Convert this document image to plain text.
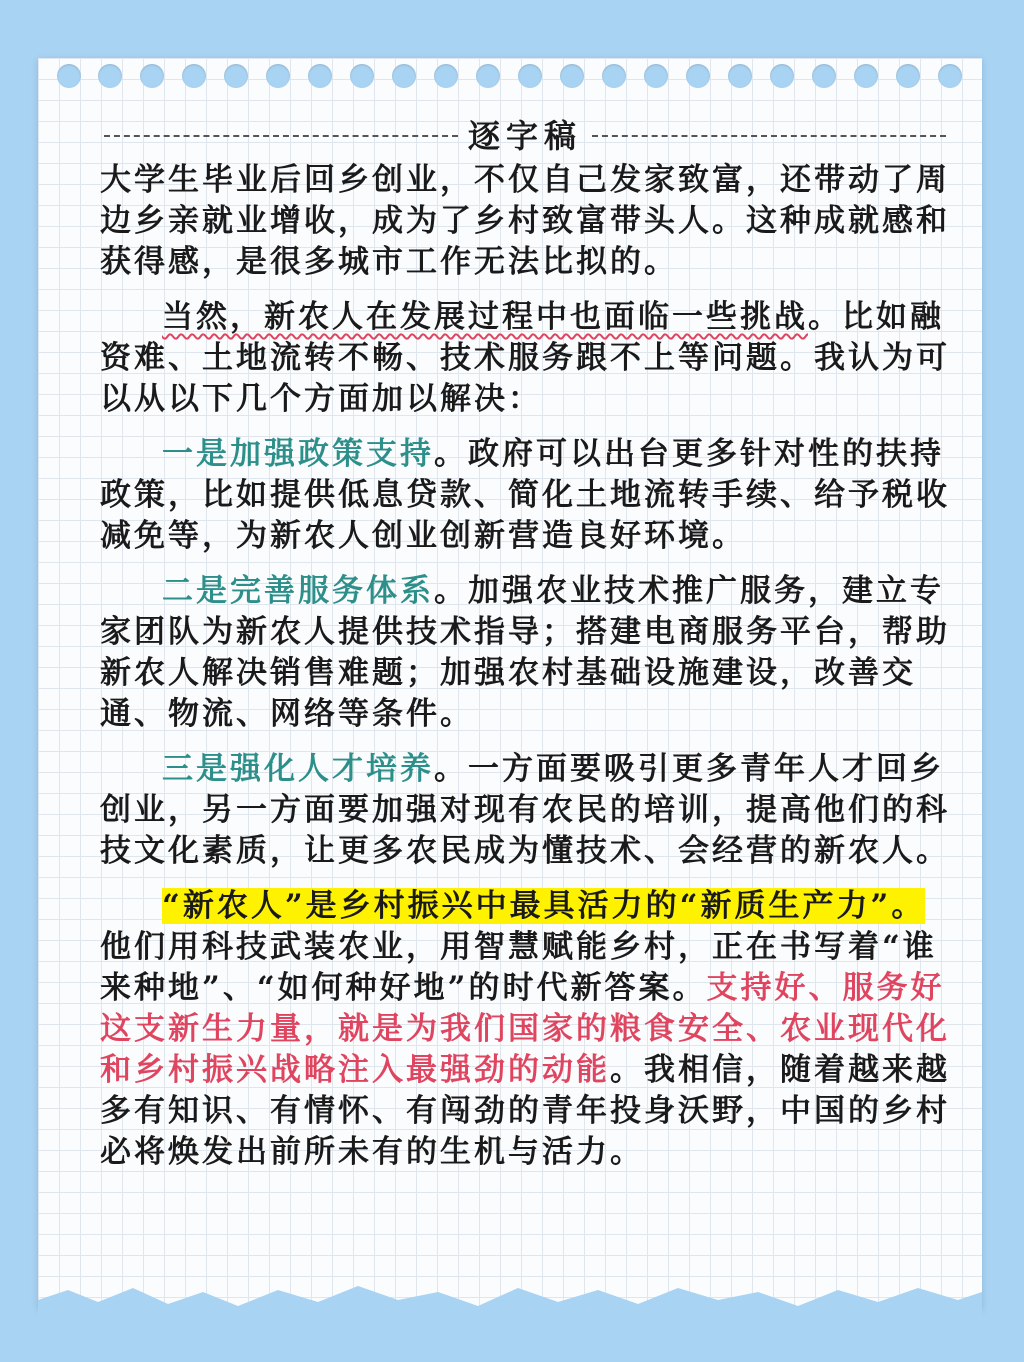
逐字稿

大学生毕业后回乡创业，不仅自己发家致富，还带动了周边乡亲就业增收，成为了乡村致富带头人。这种成就感和获得感，是很多城市工作无法比拟的。

当然，新农人在发展过程中也面临一些挑战。比如融资难、土地流转不畅、技术服务跟不上等问题。我认为可以从以下几个方面加以解决：

一是加强政策支持。政府可以出台更多针对性的扶持政策，比如提供低息贷款、简化土地流转手续、给予税收减免等，为新农人创业创新营造良好环境。

二是完善服务体系。加强农业技术推广服务，建立专家团队为新农人提供技术指导；搭建电商服务平台，帮助新农人解决销售难题；加强农村基础设施建设，改善交通、物流、网络等条件。

三是强化人才培养。一方面要吸引更多青年人才回乡创业，另一方面要加强对现有农民的培训，提高他们的科技文化素质，让更多农民成为懂技术、会经营的新农人。

“新农人”是乡村振兴中最具活力的“新质生产力”。他们用科技武装农业，用智慧赋能乡村，正在书写着“谁来种地”、“如何种好地”的时代新答案。支持好、服务好这支新生力量，就是为我们国家的粮食安全、农业现代化和乡村振兴战略注入最强劲的动能。我相信，随着越来越多有知识、有情怀、有闯劲的青年投身沃野，中国的乡村必将焕发出前所未有的生机与活力。
